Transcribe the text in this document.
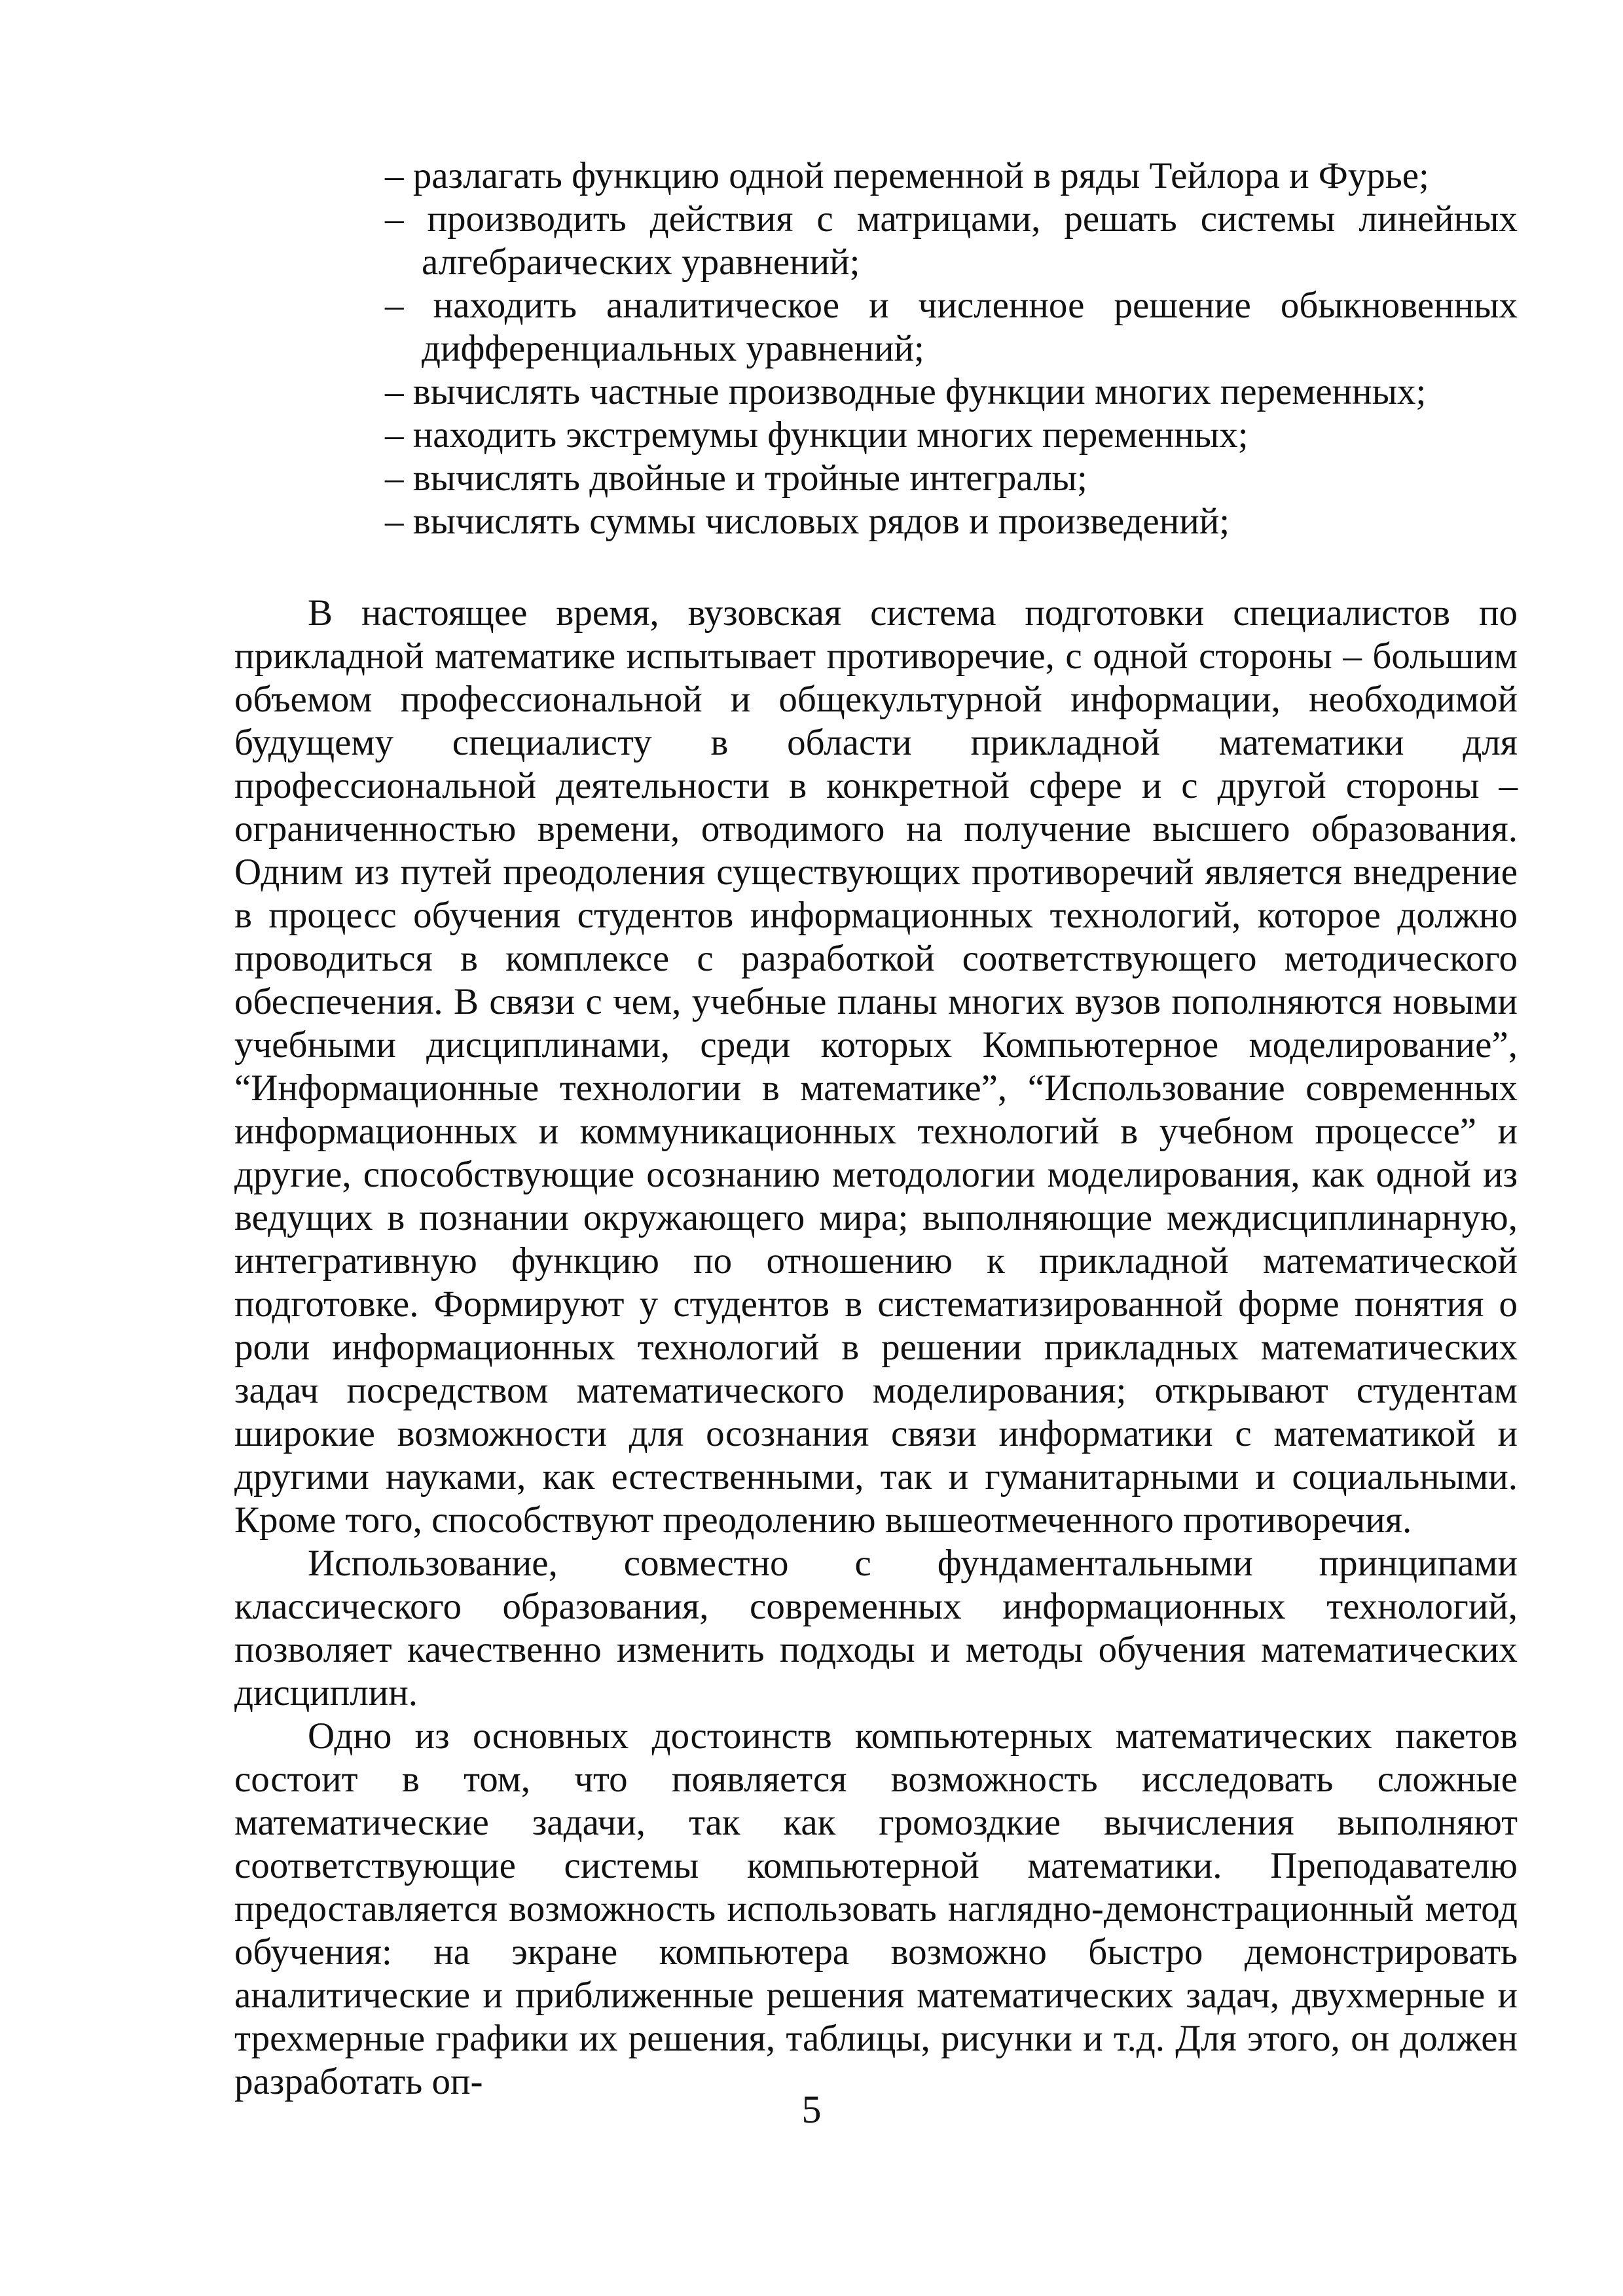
– разлагать функцию одной переменной в ряды Тейлора и Фурье;

– производить действия с матрицами, решать системы линейных алгебраических уравнений;

– находить аналитическое и численное решение обыкновенных дифференциальных уравнений;

– вычислять частные производные функции многих переменных;

– находить экстремумы функции многих переменных;

– вычислять двойные и тройные интегралы;

– вычислять суммы числовых рядов и произведений;

В настоящее время, вузовская система подготовки специалистов по прикладной математике испытывает противоречие, с одной стороны – большим объемом профессиональной и общекультурной информации, необходимой будущему специалисту в области прикладной математики для профессиональной деятельности в конкретной сфере и с другой стороны – ограниченностью времени, отводимого на получение высшего образования. Одним из путей преодоления существующих противоречий является внедрение в процесс обучения студентов информационных технологий, которое должно проводиться в комплексе с разработкой соответствующего методического обеспечения. В связи с чем, учебные планы многих вузов пополняются новыми учебными дисциплинами, среди которых Компьютерное моделирование”, “Информационные технологии в математике”, “Использование современных информационных и коммуникационных технологий в учебном процессе” и другие, способствующие осознанию методологии моделирования, как одной из ведущих в познании окружающего мира; выполняющие междисциплинарную, интегративную функцию по отношению к прикладной математической подготовке. Формируют у студентов в систематизированной форме понятия о роли информационных технологий в решении прикладных математических задач посредством математического моделирования; открывают студентам широкие возможности для осознания связи информатики с математикой и другими науками, как естественными, так и гуманитарными и социальными. Кроме того, способствуют преодолению вышеотмеченного противоречия.

Использование, совместно с фундаментальными принципами классического образования, современных информационных технологий, позволяет качественно изменить подходы и методы обучения математических дисциплин.

Одно из основных достоинств компьютерных математических пакетов состоит в том, что появляется возможность исследовать сложные математические задачи, так как громоздкие вычисления выполняют соответствующие системы компьютерной математики. Преподавателю предоставляется возможность использовать наглядно-демонстрационный метод обучения: на экране компьютера возможно быстро демонстрировать аналитические и приближенные решения математических задач, двухмерные и трехмерные графики их решения, таблицы, рисунки и т.д. Для этого, он должен разработать оп-

5
